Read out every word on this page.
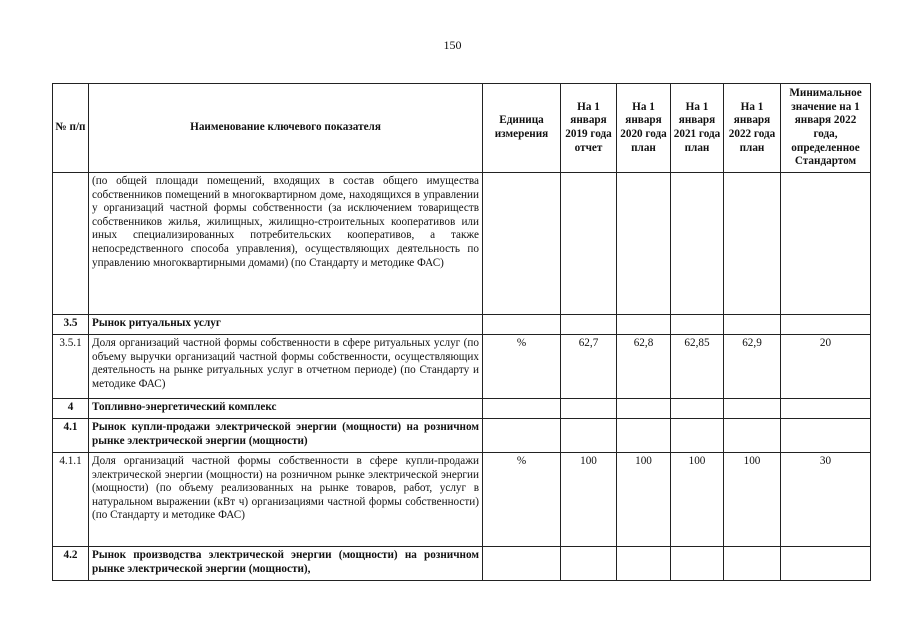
150
№ п/п	Наименование ключевого показателя	Единица измерения	На 1 января 2019 года отчет	На 1 января 2020 года план	На 1 января 2021 года план	На 1 января 2022 года план	Минимальное значение на 1 января 2022 года, определенное Стандартом
	(по общей площади помещений, входящих в состав общего имущества собственников помещений в многоквартирном доме, находящихся в управлении у организаций частной формы собственности (за исключением товариществ собственников жилья, жилищных, жилищно-строительных кооперативов или иных специализированных потребительских кооперативов, а также непосредственного способа управления), осуществляющих деятельность по управлению многоквартирными домами) (по Стандарту и методике ФАС)						
3.5	Рынок ритуальных услуг						
3.5.1	Доля организаций частной формы собственности в сфере ритуальных услуг (по объему выручки организаций частной формы собственности, осуществляющих деятельность на рынке ритуальных услуг в отчетном периоде) (по Стандарту и методике ФАС)	%	62,7	62,8	62,85	62,9	20
4	Топливно-энергетический комплекс						
4.1	Рынок купли-продажи электрической энергии (мощности) на розничном рынке электрической энергии (мощности)						
4.1.1	Доля организаций частной формы собственности в сфере купли-продажи электрической энергии (мощности) на розничном рынке электрической энергии (мощности) (по объему реализованных на рынке товаров, работ, услуг в натуральном выражении (кВт ч) организациями частной формы собственности) (по Стандарту и методике ФАС)	%	100	100	100	100	30
4.2	Рынок производства электрической энергии (мощности) на розничном рынке электрической энергии (мощности),						
